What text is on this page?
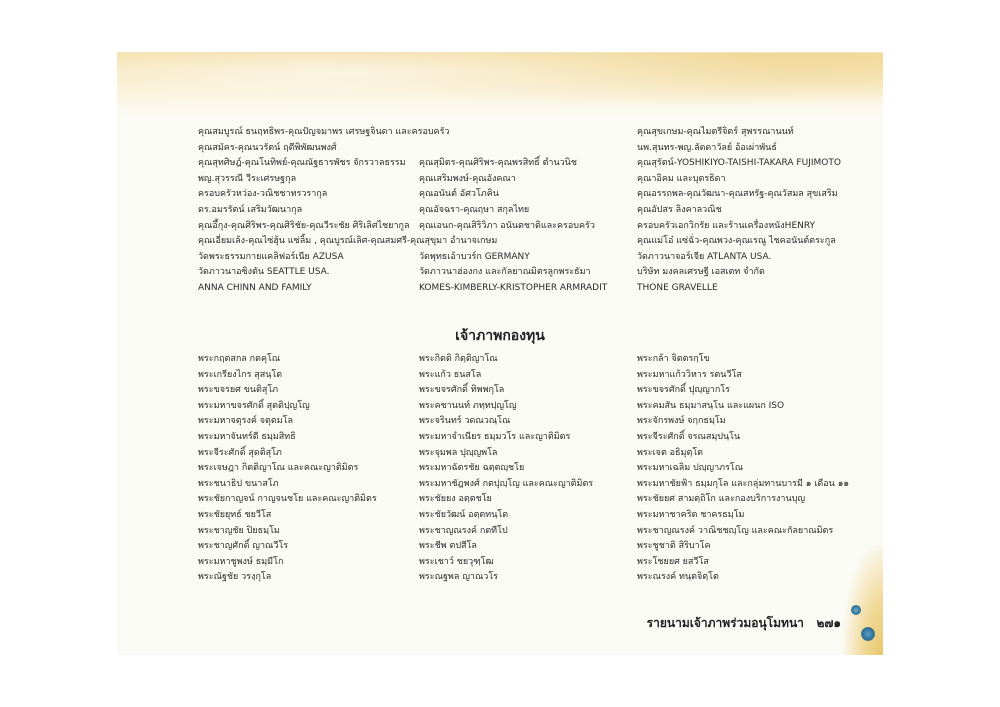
คุณสมบูรณ์ ธนฤทธิพร-คุณปัญจมาพร เศรษฐจินดา และครอบครัว
คุณสมัคร-คุณนวรัตน์ ฤดีพิพัฒนพงศ์
คุณสุทศิษฎ์-คุณโนทิพย์-คุณณัฐธารพัชร จักรวาลธรรม
พญ.สุวรรณี วีระเศรษฐกุล
ครอบครัวหว่อง-วณิชชาทรวรากุล
ดร.อมรรัตน์ เสริมวัฒนากุล
คุณอึ้กุง-คุณศิริพร-คุณศิริชัย-คุณวีระชัย ศิริเลิศไชยากูล
คุณเอี่ยมเล้ง-คุณไซ่ฮุ้น แซ่ลิ้ม , คุณบูรณ์เลิศ-คุณสมศรี-คุณสุขุมา อำนาจเกษม
วัดพระธรรมกายแคลิฟอร์เนีย AZUSA
วัดภาวนาอซิงตัน SEATTLE USA.
ANNA CHINN AND FAMILY
คุณสุมิตร-คุณศิริพร-คุณพรสิทธิ์ ตำนวนิช
คุณเสริมพงษ์-คุณอังคณา
คุณอนันต์ อัศวโภคิน
คุณอัจฉรา-คุณฤษา สกุลไทย
คุณเอนก-คุณสิริวิภา อนันตชาติและครอบครัว
วัดพุทธเอ้าบวร์ก GERMANY
วัดภาวนาฮ่องกง และกัลยาณมิตรลูกพระธัมา
KOMES-KIMBERLY-KRISTOPHER ARMRADIT
คุณสุขเกษม-คุณไมตรีจิตร์ สุพรรณานนท์
นพ.สุนทร-พญ.ลัดดาวัลย์ อ้อเผ่าพันธ์
คุณสุรัตน์-YOSHIKIYO-TAISHI-TAKARA FUJIMOTO
คุณาอิคม และบุตรธิดา
คุณอรรถพล-คุณวัฒนา-คุณสหรัฐ-คุณวัสมล สุขเสริม
คุณอัปสร ลิงคาลวณิช
ครอบครัวเอกวิกรัย และร้านเครื่องหนังHENRY
คุณแม่โอ๋ แซ่ฉั่ว-คุณพวง-คุณเรณู ไชคอนันต์ตระกูล
วัดภาวนาจอร์เจีย ATLANTA USA.
บริษัท มงคลเศรษฐี เอสเตท จำกัด
THONE GRAVELLE
เจ้าภาพกองทุน
พระกฤตสกล กตคุโณ
พระเกรียงไกร สุสนฺโต
พระขจรยศ ขนติสุโภ
พระมหาขจรศักดิ์ สุตติปฺญโญ
พระมหาจตุรงค์ จตุตมโล
พระมหาจันทร์ดี ธมฺมสิทธิ
พระจีระศักดิ์ สุดติสุโภ
พระเจษฎา กิตติญาโณ และคณะญาติมิตร
พระชนาธิป ขนาสโภ
พระชัยกาญจน์ กาญจนชโย และคณะญาติมิตร
พระชัยยุทธ์ ชยวีโส
พระชาญชัย ปิยธมฺโม
พระชาญศักดิ์ ญาณวีโร
พระมหาชูพงษ์ ธมฺมีโก
พระณัฐชัย วรงฺกุโล
พระกิตติ กิตฺติญาโณ
พระแก้ว ธนสโล
พระขจรศักดิ์ ทิพพกุโล
พระคชานนท์ ภทฺทปฺญโญ
พระจรินทร์ วดณวณฺโณ
พระมหาจำเนียร ธมฺมวโร และญาติมิตร
พระจุมพล ปุญฺญพโล
พระมหาฉัตรชัย ฉตฺตญฺชโย
พระมหาชัฎพงศ์ กตปุญฺโญ และคณะญาติมิตร
พระชัยยง อตฺตชโย
พระชัยวัฒน์ อตฺตทนฺโต
พระชาญณรงค์ กตทีโป
พระชีพ ตปสีโล
พระเชาว์ ชยวุฑฺโฒ
พระณฐพล ญาณวโร
พระกล้า จิตตรกฺโข
พระมหาแก้ววิหาร รตนวีโส
พระขจรศักดิ์ ปุญฺญากโร
พระคมสัน ธมฺมาสนฺโน และแผนก ISO
พระจักรพงษ์ จกฺกธมฺโม
พระจีระศักดิ์ จรณสมฺปนฺโน
พระเจต อธิมุตฺโต
พระมหาเฉลิม ปญฺญาภรโณ
พระมหาชัยฟ้า ธมฺมกุโล และกลุ่มทานบารมี ๑ เดือน ๑๑
พระชัยยศ สามตฺถิโก และกองบริการงานบุญ
พระมหาชาคริต ชาครธมฺโม
พระชาญณรงค์ วาณิชชญฺโญ และคณะกัลยาณมิตร
พระชูชาติ สิริบาโค
พระโชยยศ ยสวีโส
พระณรงค์ ทนฺตจิตฺโต
รายนามเจ้าภาพร่วมอนุโมทนา ๒๗๑
